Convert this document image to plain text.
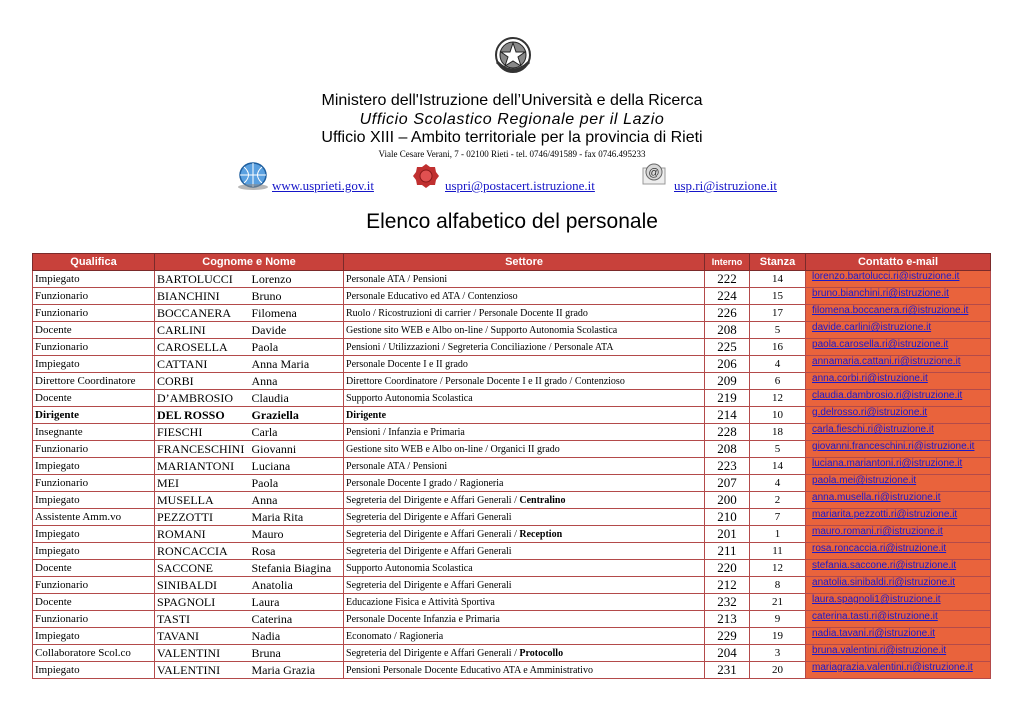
Ministero dell'Istruzione dell’Università e della Ricerca
Ufficio Scolastico Regionale per il Lazio
Ufficio XIII – Ambito territoriale per la provincia di Rieti
Viale Cesare Verani, 7 - 02100 Rieti - tel. 0746/491589 - fax 0746.495233
www.usprieti.gov.it	uspri@postacert.istruzione.it
@
usp.ri@istruzione.it
Elenco alfabetico del personale
Qualifica	Cognome e Nome		Settore	Interno	Stanza	Contatto e-mail
Impiegato	BARTOLUCCI	Lorenzo	Personale ATA / Pensioni	222	14	lorenzo.bartolucci.ri@istruzione.it
Funzionario	BIANCHINI	Bruno	Personale Educativo ed ATA / Contenzioso	224	15	bruno.bianchini.ri@istruzione.it
Funzionario	BOCCANERA	Filomena	Ruolo / Ricostruzioni di carrier / Personale Docente II grado	226	17	filomena.boccanera.ri@istruzione.it
Docente	CARLINI	Davide	Gestione sito WEB e Albo on-line / Supporto Autonomia Scolastica	208	5	davide.carlini@istruzione.it
Funzionario	CAROSELLA	Paola	Pensioni / Utilizzazioni / Segreteria Conciliazione / Personale ATA	225	16	paola.carosella.ri@istruzione.it
Impiegato	CATTANI	Anna Maria	Personale Docente I e II grado	206	4	annamaria.cattani.ri@istruzione.it
Direttore Coordinatore	CORBI	Anna	Direttore Coordinatore / Personale Docente I e II grado / Contenzioso	209	6	anna.corbi.ri@istruzione.it
Docente	D’AMBROSIO	Claudia	Supporto Autonomia Scolastica	219	12	claudia.dambrosio.ri@istruzione.it
Dirigente	DEL ROSSO	Graziella	Dirigente	214	10	g.delrosso.ri@istruzione.it
Insegnante	FIESCHI	Carla	Pensioni / Infanzia e Primaria	228	18	carla.fieschi.ri@istruzione.it
Funzionario	FRANCESCHINI	Giovanni	Gestione sito WEB e Albo on-line / Organici II grado	208	5	giovanni.franceschini.ri@istruzione.it
Impiegato	MARIANTONI	Luciana	Personale ATA / Pensioni	223	14	luciana.mariantoni.ri@istruzione.it
Funzionario	MEI	Paola	Personale Docente I grado / Ragioneria	207	4	paola.mei@istruzione.it
Impiegato	MUSELLA	Anna	Segreteria del Dirigente e Affari Generali / Centralino	200	2	anna.musella.ri@istruzione.it
Assistente Amm.vo	PEZZOTTI	Maria Rita	Segreteria del Dirigente e Affari Generali	210	7	mariarita.pezzotti.ri@istruzione.it
Impiegato	ROMANI	Mauro	Segreteria del Dirigente e Affari Generali / Reception	201	1	mauro.romani.ri@istruzione.it
Impiegato	RONCACCIA	Rosa	Segreteria del Dirigente e Affari Generali	211	11	rosa.roncaccia.ri@istruzione.it
Docente	SACCONE	Stefania Biagina	Supporto Autonomia Scolastica	220	12	stefania.saccone.ri@istruzione.it
Funzionario	SINIBALDI	Anatolia	Segreteria del Dirigente e Affari Generali	212	8	anatolia.sinibaldi.ri@istruzione.it
Docente	SPAGNOLI	Laura	Educazione Fisica e Attività Sportiva	232	21	laura.spagnoli1@istruzione.it
Funzionario	TASTI	Caterina	Personale Docente Infanzia e Primaria	213	9	caterina.tasti.ri@istruzione.it
Impiegato	TAVANI	Nadia	Economato / Ragioneria	229	19	nadia.tavani.ri@istruzione.it
Collaboratore Scol.co	VALENTINI	Bruna	Segreteria del Dirigente e Affari Generali / Protocollo	204	3	bruna.valentini.ri@istruzione.it
Impiegato	VALENTINI	Maria Grazia	Pensioni Personale Docente Educativo ATA e Amministrativo	231	20	mariagrazia.valentini.ri@istruzione.it
